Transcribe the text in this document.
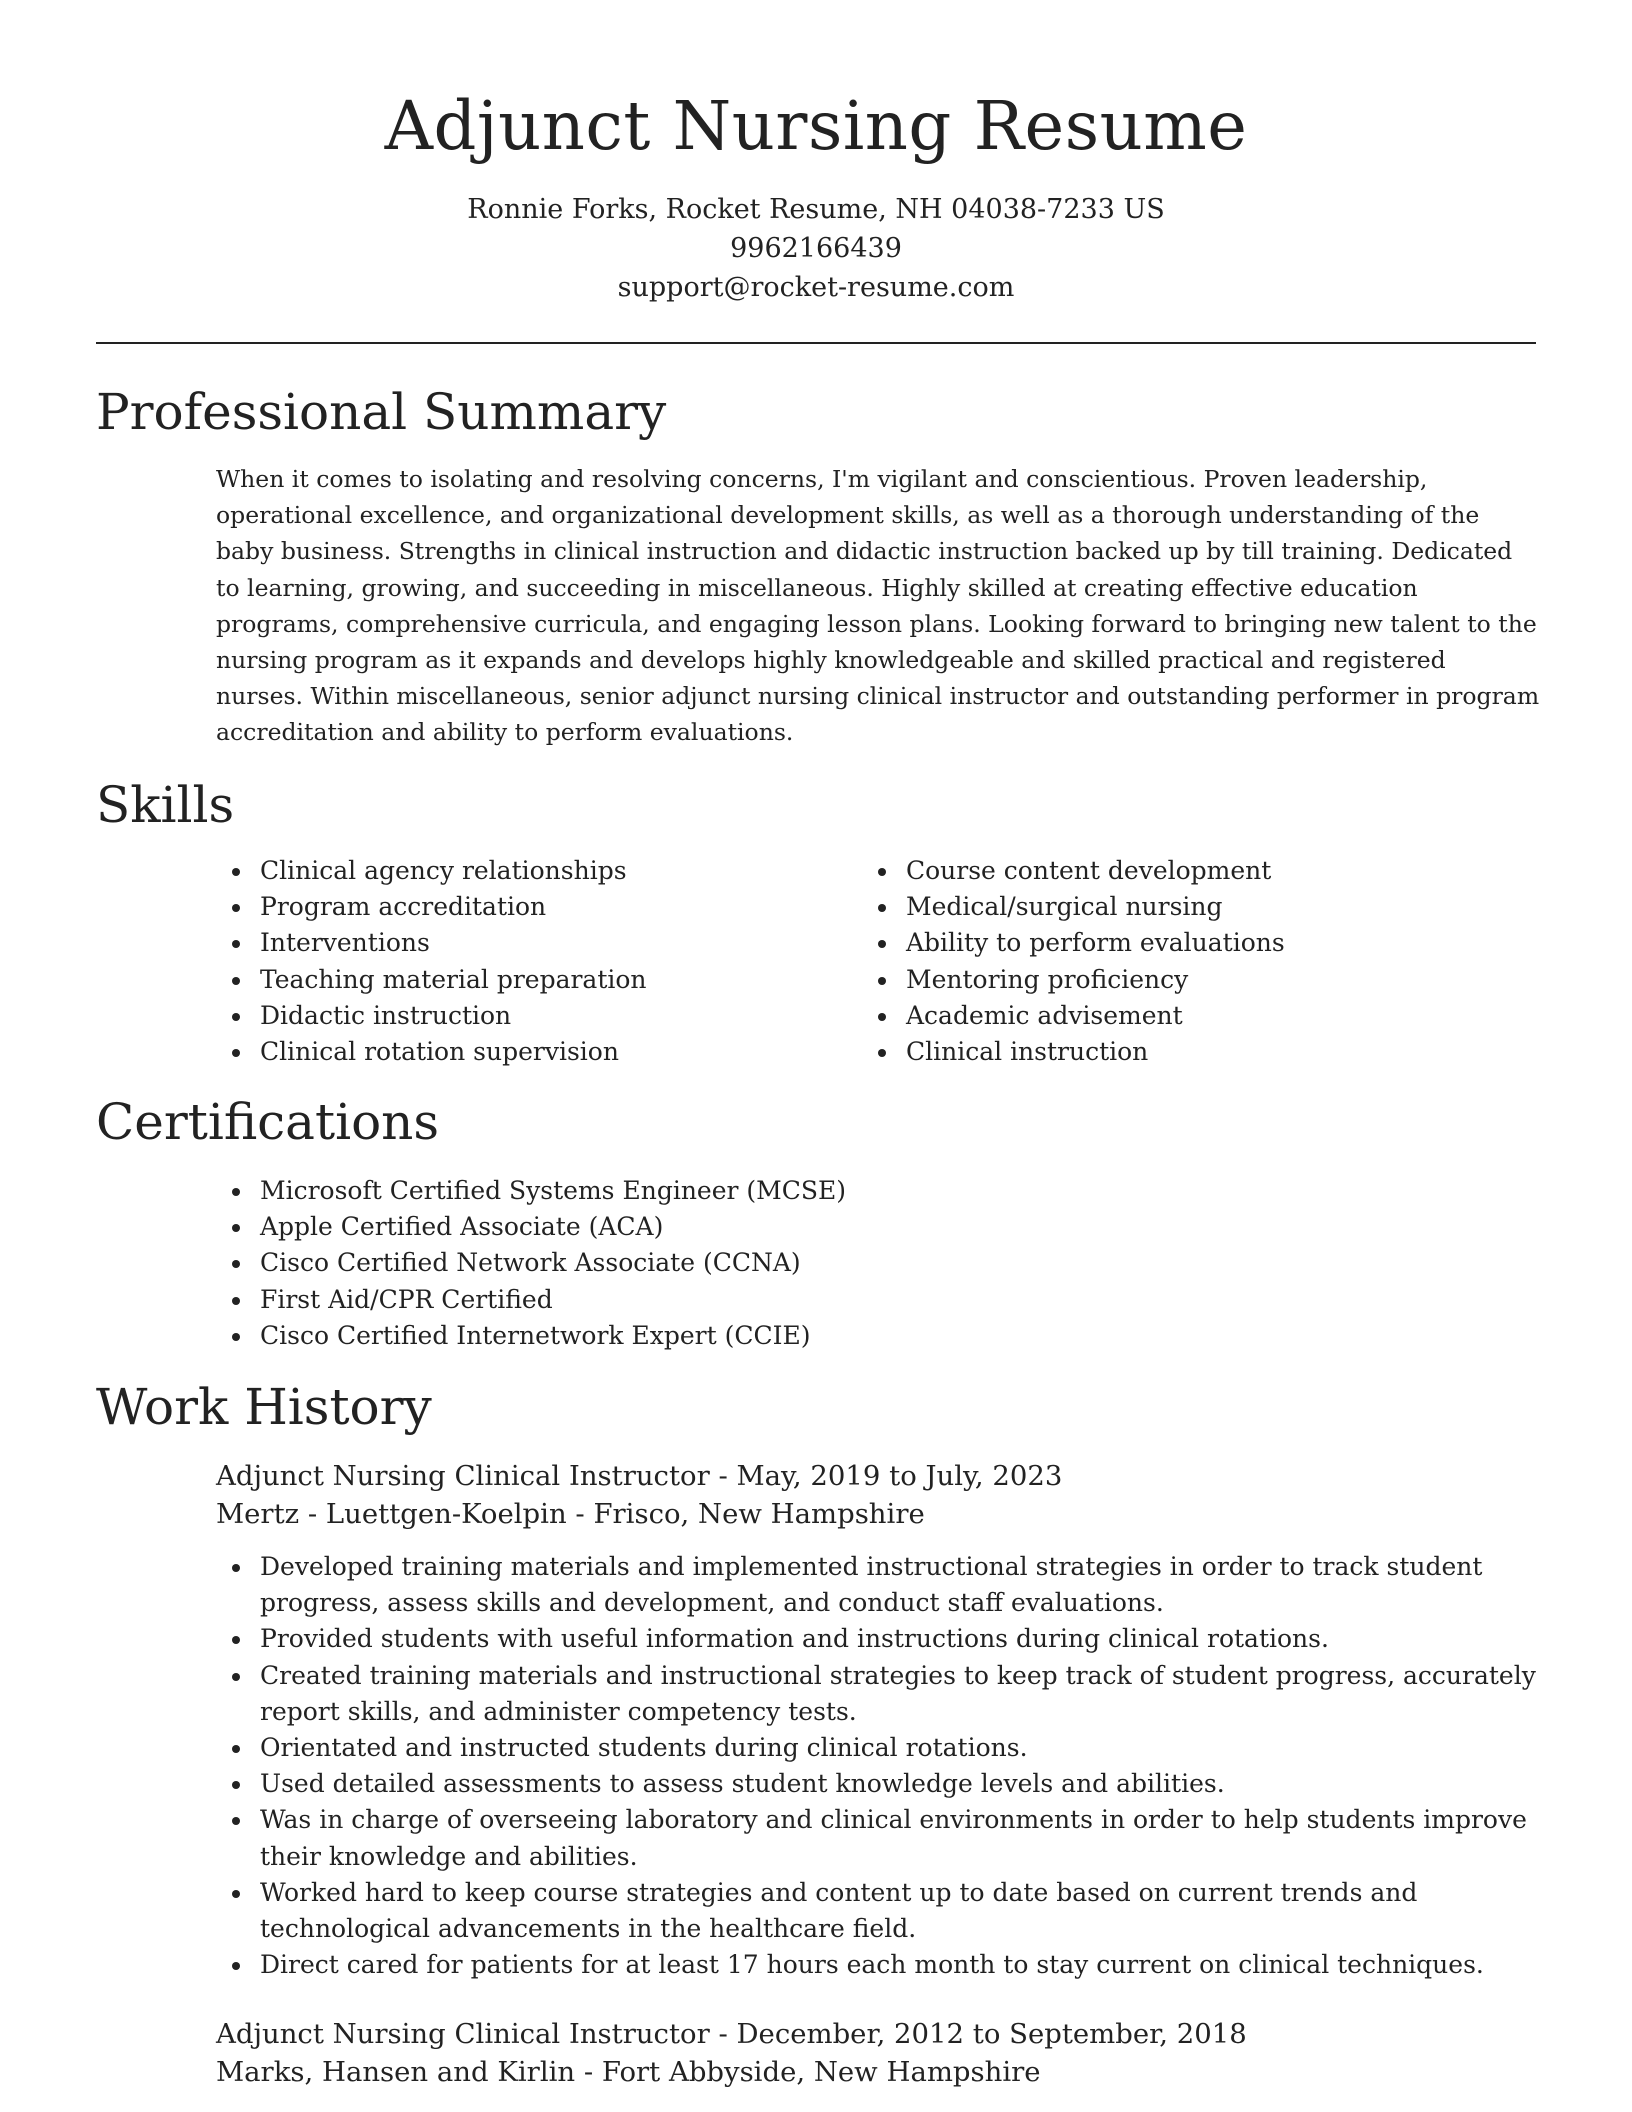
Adjunct Nursing Resume
Ronnie Forks, Rocket Resume, NH 04038-7233 US
9962166439
support@rocket-resume.com
Professional Summary

When it comes to isolating and resolving concerns, I'm vigilant and conscientious. Proven leadership, operational excellence, and organizational development skills, as well as a thorough understanding of the baby business. Strengths in clinical instruction and didactic instruction backed up by till training. Dedicated to learning, growing, and succeeding in miscellaneous. Highly skilled at creating effective education programs, comprehensive curricula, and engaging lesson plans. Looking forward to bringing new talent to the nursing program as it expands and develops highly knowledgeable and skilled practical and registered nurses. Within miscellaneous, senior adjunct nursing clinical instructor and outstanding performer in program accreditation and ability to perform evaluations.

Skills
Clinical agency relationships
Program accreditation
Interventions
Teaching material preparation
Didactic instruction
Clinical rotation supervision
Course content development
Medical/surgical nursing
Ability to perform evaluations
Mentoring proficiency
Academic advisement
Clinical instruction
Certifications
Microsoft Certified Systems Engineer (MCSE)
Apple Certified Associate (ACA)
Cisco Certified Network Associate (CCNA)
First Aid/CPR Certified
Cisco Certified Internetwork Expert (CCIE)
Work History
Adjunct Nursing Clinical Instructor - May, 2019 to July, 2023
Mertz - Luettgen-Koelpin - Frisco, New Hampshire
Developed training materials and implemented instructional strategies in order to track student progress, assess skills and development, and conduct staff evaluations.
Provided students with useful information and instructions during clinical rotations.
Created training materials and instructional strategies to keep track of student progress, accurately report skills, and administer competency tests.
Orientated and instructed students during clinical rotations.
Used detailed assessments to assess student knowledge levels and abilities.
Was in charge of overseeing laboratory and clinical environments in order to help students improve their knowledge and abilities.
Worked hard to keep course strategies and content up to date based on current trends and technological advancements in the healthcare field.
Direct cared for patients for at least 17 hours each month to stay current on clinical techniques.
Adjunct Nursing Clinical Instructor - December, 2012 to September, 2018
Marks, Hansen and Kirlin - Fort Abbyside, New Hampshire
